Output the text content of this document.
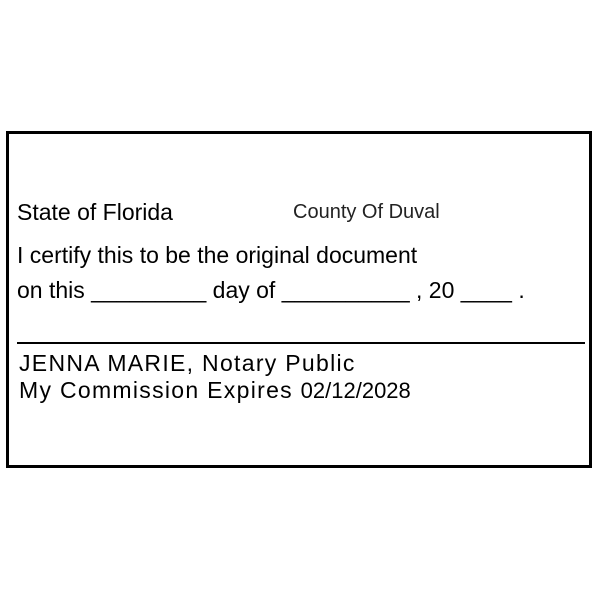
State of Florida	County Of Duval
I certify this to be the original document
on this _________ day of __________ , 20 ____ .
JENNA MARIE, Notary Public
My Commission Expires 02/12/2028
